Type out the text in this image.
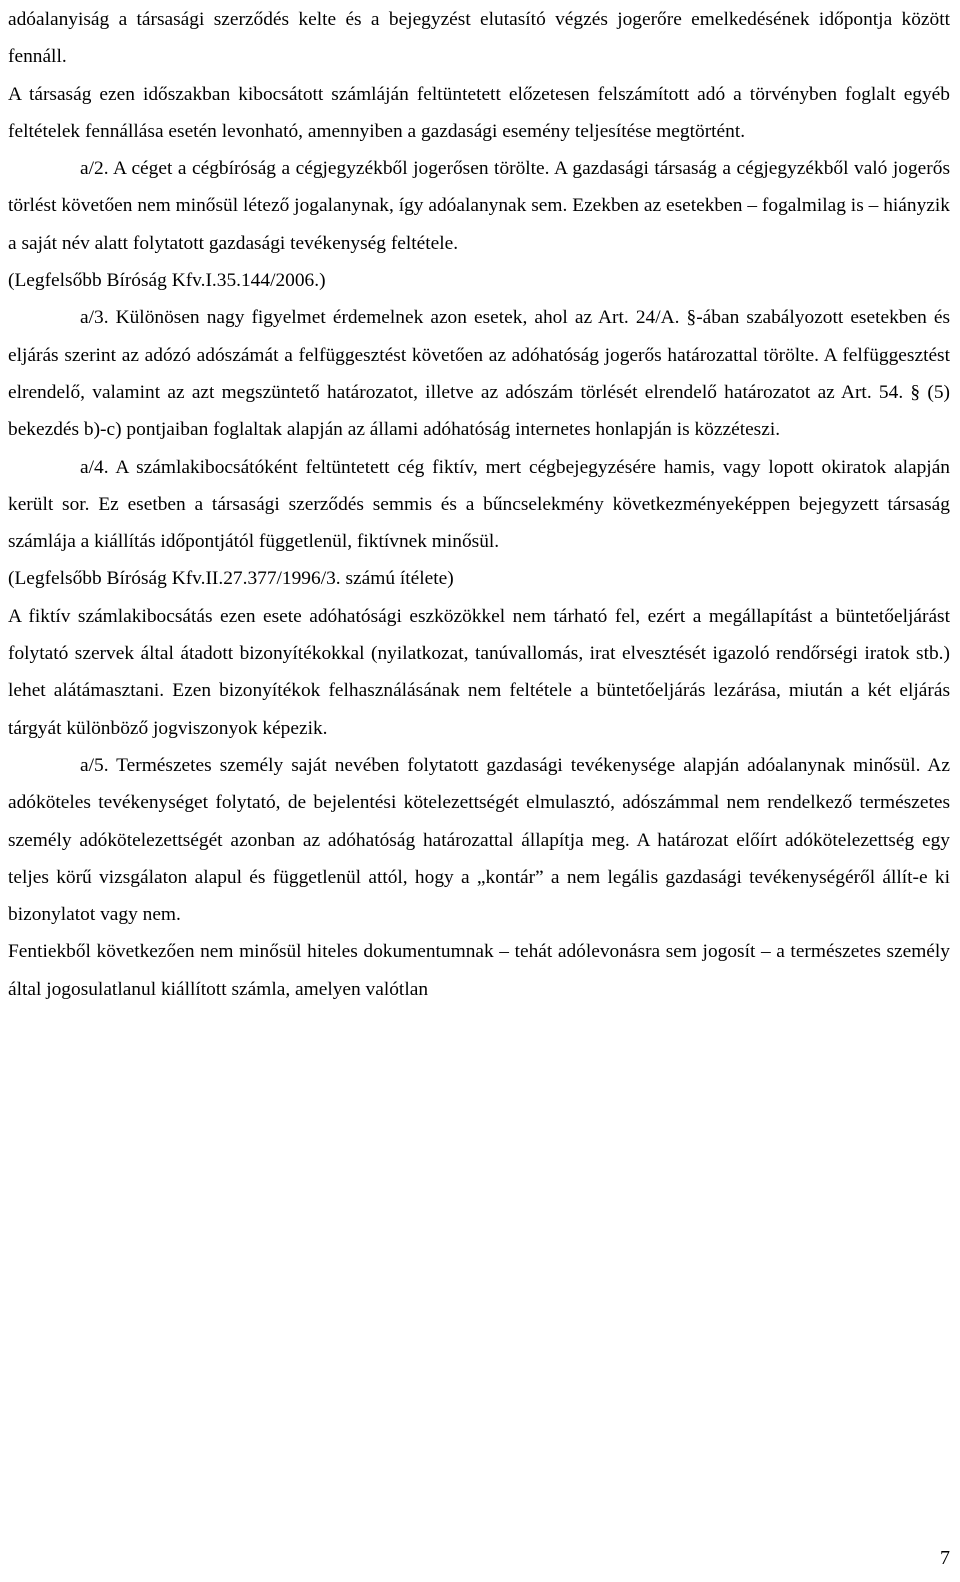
adóalanyiság a társasági szerződés kelte és a bejegyzést elutasító végzés jogerőre emelkedésének időpontja között fennáll.

A társaság ezen időszakban kibocsátott számláján feltüntetett előzetesen felszámított adó a törvényben foglalt egyéb feltételek fennállása esetén levonható, amennyiben a gazdasági esemény teljesítése megtörtént.

a/2. A céget a cégbíróság a cégjegyzékből jogerősen törölte. A gazdasági társaság a cégjegyzékből való jogerős törlést követően nem minősül létező jogalanynak, így adóalanynak sem. Ezekben az esetekben – fogalmilag is – hiányzik a saját név alatt folytatott gazdasági tevékenység feltétele.

(Legfelsőbb Bíróság Kfv.I.35.144/2006.)

a/3. Különösen nagy figyelmet érdemelnek azon esetek, ahol az Art. 24/A. §-ában szabályozott esetekben és eljárás szerint az adózó adószámát a felfüggesztést követően az adóhatóság jogerős határozattal törölte. A felfüggesztést elrendelő, valamint az azt megszüntető határozatot, illetve az adószám törlését elrendelő határozatot az Art. 54. § (5) bekezdés b)-c) pontjaiban foglaltak alapján az állami adóhatóság internetes honlapján is közzéteszi.

a/4. A számlakibocsátóként feltüntetett cég fiktív, mert cégbejegyzésére hamis, vagy lopott okiratok alapján került sor. Ez esetben a társasági szerződés semmis és a bűncselekmény következményeképpen bejegyzett társaság számlája a kiállítás időpontjától függetlenül, fiktívnek minősül.

(Legfelsőbb Bíróság Kfv.II.27.377/1996/3. számú ítélete)

A fiktív számlakibocsátás ezen esete adóhatósági eszközökkel nem tárható fel, ezért a megállapítást a büntetőeljárást folytató szervek által átadott bizonyítékokkal (nyilatkozat, tanúvallomás, irat elvesztését igazoló rendőrségi iratok stb.) lehet alátámasztani. Ezen bizonyítékok felhasználásának nem feltétele a büntetőeljárás lezárása, miután a két eljárás tárgyát különböző jogviszonyok képezik.

a/5. Természetes személy saját nevében folytatott gazdasági tevékenysége alapján adóalanynak minősül. Az adóköteles tevékenységet folytató, de bejelentési kötelezettségét elmulasztó, adószámmal nem rendelkező természetes személy adókötelezettségét azonban az adóhatóság határozattal állapítja meg. A határozat előírt adókötelezettség egy teljes körű vizsgálaton alapul és függetlenül attól, hogy a „kontár” a nem legális gazdasági tevékenységéről állít-e ki bizonylatot vagy nem.

Fentiekből következően nem minősül hiteles dokumentumnak – tehát adólevonásra sem jogosít – a természetes személy által jogosulatlanul kiállított számla, amelyen valótlan

7
